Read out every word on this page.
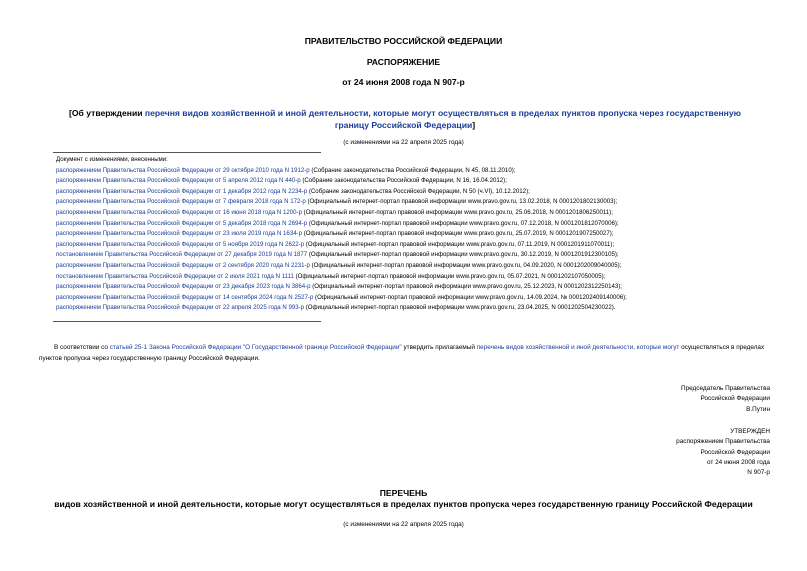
ПРАВИТЕЛЬСТВО РОССИЙСКОЙ ФЕДЕРАЦИИ
РАСПОРЯЖЕНИЕ
от 24 июня 2008 года N 907-р
[Об утверждении перечня видов хозяйственной и иной деятельности, которые могут осуществляться в пределах пунктов пропуска через государственную границу Российской Федерации]
(с изменениями на 22 апреля 2025 года)
Документ с изменениями, внесенными:
распоряжением Правительства Российской Федерации от 29 октября 2010 года N 1912-р (Собрание законодательства Российской Федерации, N 45, 08.11.2010);
распоряжением Правительства Российской Федерации от 5 апреля 2012 года N 440-р (Собрание законодательства Российской Федерации, N 16, 16.04.2012);
распоряжением Правительства Российской Федерации от 1 декабря 2012 года N 2234-р (Собрание законодательства Российской Федерации, N 50 (ч.VI), 10.12.2012);
распоряжением Правительства Российской Федерации от 7 февраля 2018 года N 172-р (Официальный интернет-портал правовой информации www.pravo.gov.ru, 13.02.2018, N 0001201802130003);
распоряжением Правительства Российской Федерации от 16 июня 2018 года N 1200-р (Официальный интернет-портал правовой информации www.pravo.gov.ru, 25.06.2018, N 0001201806250011);
распоряжением Правительства Российской Федерации от 5 декабря 2018 года N 2694-р (Официальный интернет-портал правовой информации www.pravo.gov.ru, 07.12.2018, N 0001201812070006);
распоряжением Правительства Российской Федерации от 23 июля 2019 года N 1634-р (Официальный интернет-портал правовой информации www.pravo.gov.ru, 25.07.2019, N 0001201907250027);
распоряжением Правительства Российской Федерации от 5 ноября 2019 года N 2622-р (Официальный интернет-портал правовой информации www.pravo.gov.ru, 07.11.2019, N 0001201911070011);
постановлением Правительства Российской Федерации от 27 декабря 2019 года N 1877 (Официальный интернет-портал правовой информации www.pravo.gov.ru, 30.12.2019, N 0001201912300105);
распоряжением Правительства Российской Федерации от 2 сентября 2020 года N 2231-р (Официальный интернет-портал правовой информации www.pravo.gov.ru, 04.09.2020, N 0001202009040005);
постановлением Правительства Российской Федерации от 2 июля 2021 года N 1111 (Официальный интернет-портал правовой информации www.pravo.gov.ru, 05.07.2021, N 0001202107050005);
распоряжением Правительства Российской Федерации от 23 декабря 2023 года N 3864-р (Официальный интернет-портал правовой информации www.pravo.gov.ru, 25.12.2023, N 0001202312250143);
распоряжением Правительства Российской Федерации от 14 сентября 2024 года N 2527-р (Официальный интернет-портал правовой информации www.pravo.gov.ru, 14.09.2024, № 0001202409140006);
распоряжением Правительства Российской Федерации от 22 апреля 2025 года N 993-р (Официальный интернет-портал правовой информации www.pravo.gov.ru, 23.04.2025, N 0001202504230022).
В соответствии со статьей 25-1 Закона Российской Федерации "О Государственной границе Российской Федерации" утвердить прилагаемый перечень видов хозяйственной и иной деятельности, которые могут осуществляться в пределах пунктов пропуска через государственную границу Российской Федерации.
Председатель Правительства
Российской Федерации
В.Путин
УТВЕРЖДЕН
распоряжением Правительства
Российской Федерации
от 24 июня 2008 года
N 907-р
ПЕРЕЧЕНЬ
видов хозяйственной и иной деятельности, которые могут осуществляться в пределах пунктов пропуска через государственную границу Российской Федерации
(с изменениями на 22 апреля 2025 года)
